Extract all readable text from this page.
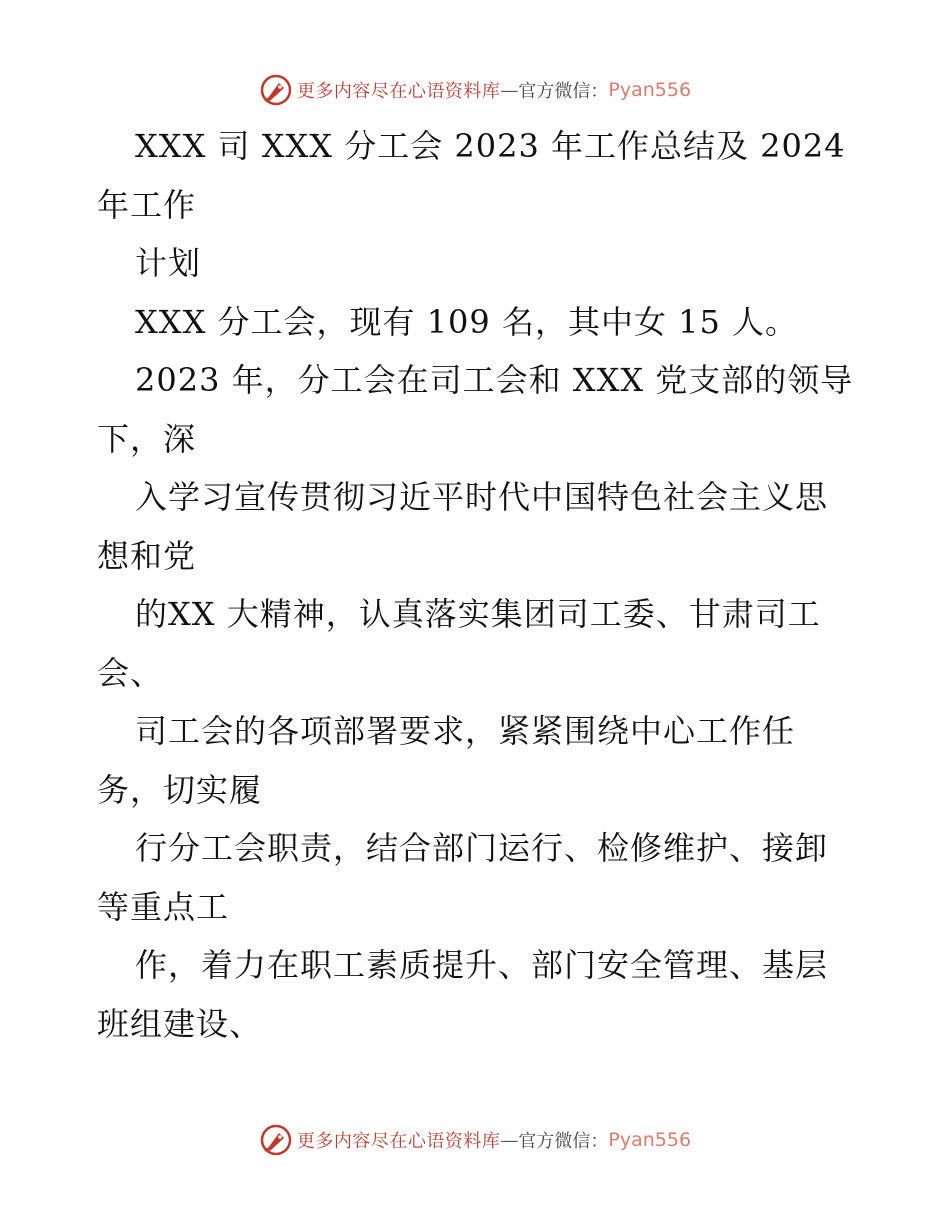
更多内容尽在心语资料库 — 官方微信： Pyan556
XXX 司 XXX 分工会 2023 年工作总结及 2024
年工作
计划
XXX 分工会，现有 109 名，其中女 15 人。
2023 年，分工会在司工会和 XXX 党支部的领导
下，深
入学习宣传贯彻习近平时代中国特色社会主义思
想和党
的XX 大精神，认真落实集团司工委、甘肃司工
会、
司工会的各项部署要求，紧紧围绕中心工作任
务，切实履
行分工会职责，结合部门运行、检修维护、接卸
等重点工
作，着力在职工素质提升、部门安全管理、基层
班组建设、
更多内容尽在心语资料库 — 官方微信： Pyan556
